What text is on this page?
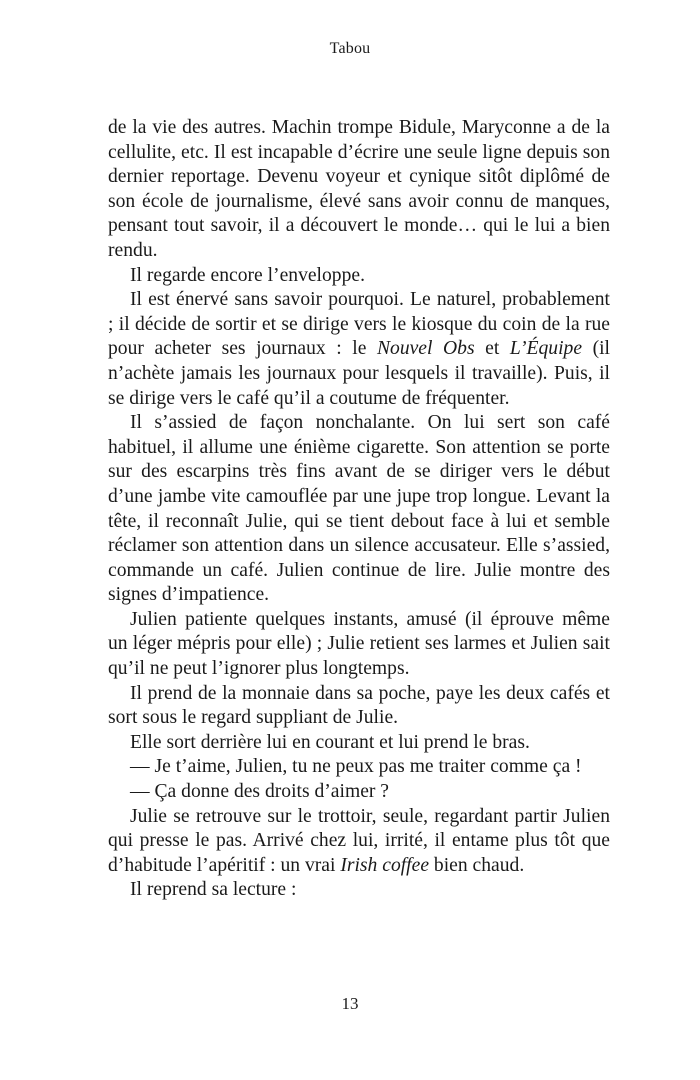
Tabou

de la vie des autres. Machin trompe Bidule, Maryconne a de la cellulite, etc. Il est incapable d’écrire une seule ligne depuis son dernier reportage. Devenu voyeur et cynique sitôt diplômé de son école de journalisme, élevé sans avoir connu de manques, pensant tout savoir, il a découvert le monde… qui le lui a bien rendu.

Il regarde encore l’enveloppe.

Il est énervé sans savoir pourquoi. Le naturel, probablement ; il décide de sortir et se dirige vers le kiosque du coin de la rue pour acheter ses journaux : le Nouvel Obs et L’Équipe (il n’achète jamais les journaux pour lesquels il travaille). Puis, il se dirige vers le café qu’il a coutume de fréquenter.

Il s’assied de façon nonchalante. On lui sert son café habituel, il allume une énième cigarette. Son attention se porte sur des escarpins très fins avant de se diriger vers le début d’une jambe vite camouflée par une jupe trop longue. Levant la tête, il reconnaît Julie, qui se tient debout face à lui et semble réclamer son attention dans un silence accusateur. Elle s’assied, commande un café. Julien continue de lire. Julie montre des signes d’impatience.

Julien patiente quelques instants, amusé (il éprouve même un léger mépris pour elle) ; Julie retient ses larmes et Julien sait qu’il ne peut l’ignorer plus longtemps.

Il prend de la monnaie dans sa poche, paye les deux cafés et sort sous le regard suppliant de Julie.

Elle sort derrière lui en courant et lui prend le bras.

— Je t’aime, Julien, tu ne peux pas me traiter comme ça !

— Ça donne des droits d’aimer ?

Julie se retrouve sur le trottoir, seule, regardant partir Julien qui presse le pas. Arrivé chez lui, irrité, il entame plus tôt que d’habitude l’apéritif : un vrai Irish coffee bien chaud.

Il reprend sa lecture :

13
